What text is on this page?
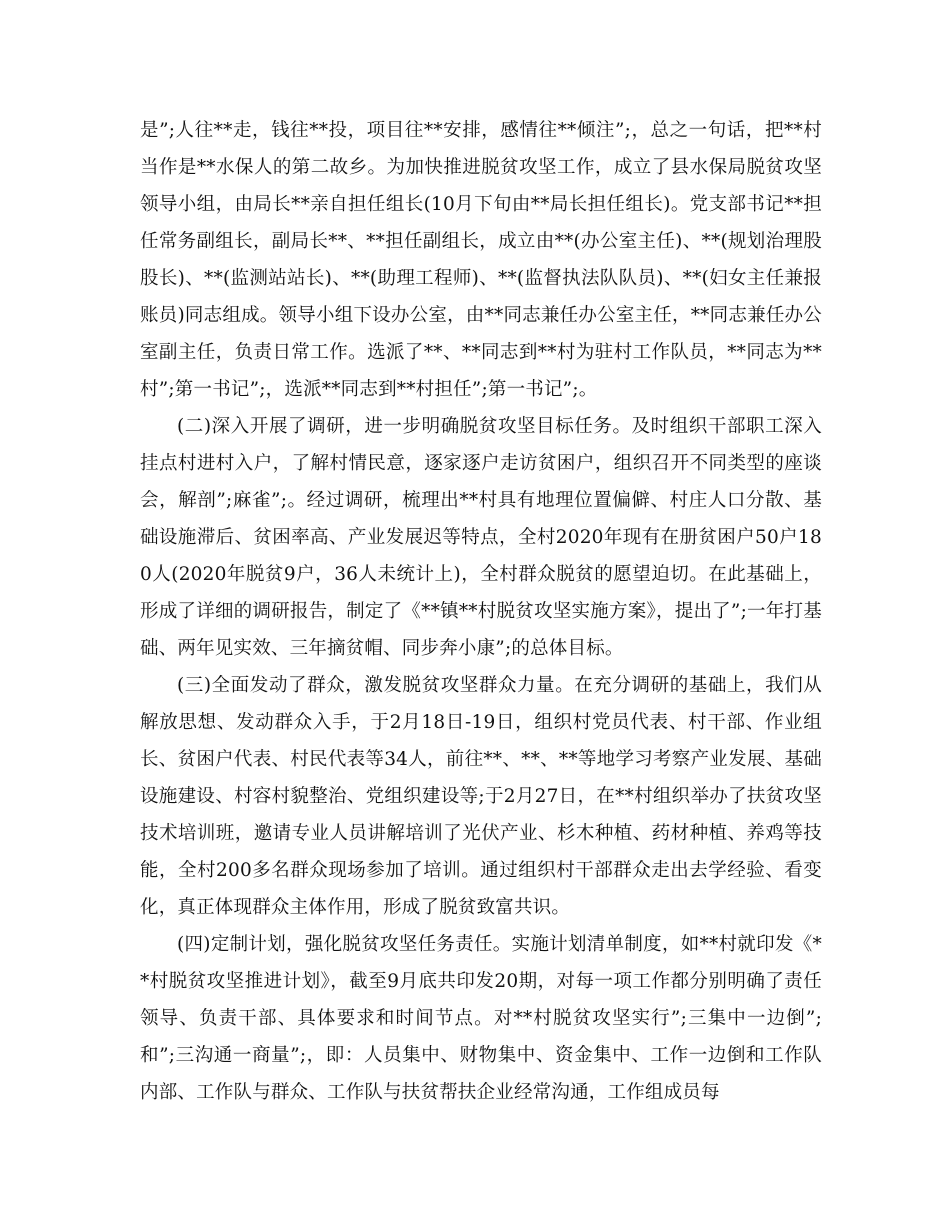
是”;人往**走，钱往**投，项目往**安排，感情往**倾注”;，总之一句话，把**村当作是**水保人的第二故乡。为加快推进脱贫攻坚工作，成立了县水保局脱贫攻坚领导小组，由局长**亲自担任组长(10月下旬由**局长担任组长)。党支部书记**担任常务副组长，副局长**、**担任副组长，成立由**(办公室主任)、**(规划治理股股长)、**(监测站站长)、**(助理工程师)、**(监督执法队队员)、**(妇女主任兼报账员)同志组成。领导小组下设办公室，由**同志兼任办公室主任，**同志兼任办公室副主任，负责日常工作。选派了**、**同志到**村为驻村工作队员，**同志为**村”;第一书记”;，选派**同志到**村担任”;第一书记”;。

(二)深入开展了调研，进一步明确脱贫攻坚目标任务。及时组织干部职工深入挂点村进村入户，了解村情民意，逐家逐户走访贫困户，组织召开不同类型的座谈会，解剖”;麻雀”;。经过调研，梳理出**村具有地理位置偏僻、村庄人口分散、基础设施滞后、贫困率高、产业发展迟等特点，全村2020年现有在册贫困户50户180人(2020年脱贫9户，36人未统计上)，全村群众脱贫的愿望迫切。在此基础上，形成了详细的调研报告，制定了《**镇**村脱贫攻坚实施方案》，提出了”;一年打基础、两年见实效、三年摘贫帽、同步奔小康”;的总体目标。

(三)全面发动了群众，激发脱贫攻坚群众力量。在充分调研的基础上，我们从解放思想、发动群众入手，于2月18日-19日，组织村党员代表、村干部、作业组长、贫困户代表、村民代表等34人，前往**、**、**等地学习考察产业发展、基础设施建设、村容村貌整治、党组织建设等;于2月27日，在**村组织举办了扶贫攻坚技术培训班，邀请专业人员讲解培训了光伏产业、杉木种植、药材种植、养鸡等技能，全村200多名群众现场参加了培训。通过组织村干部群众走出去学经验、看变化，真正体现群众主体作用，形成了脱贫致富共识。

(四)定制计划，强化脱贫攻坚任务责任。实施计划清单制度，如**村就印发《**村脱贫攻坚推进计划》，截至9月底共印发20期，对每一项工作都分别明确了责任领导、负责干部、具体要求和时间节点。对**村脱贫攻坚实行”;三集中一边倒”;和”;三沟通一商量”;，即：人员集中、财物集中、资金集中、工作一边倒和工作队内部、工作队与群众、工作队与扶贫帮扶企业经常沟通，工作组成员每
